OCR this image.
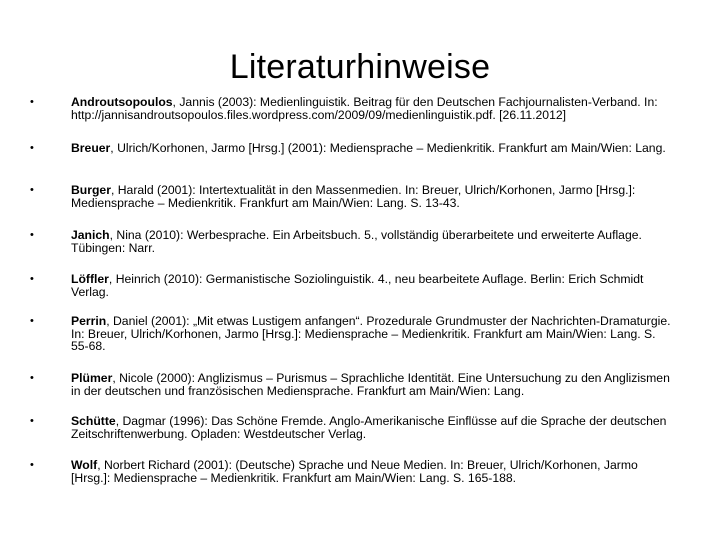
Literaturhinweise
•	Androutsopoulos, Jannis (2003): Medienlinguistik. Beitrag für den Deutschen Fachjournalisten-Verband. In: http://jannisandroutsopoulos.files.wordpress.com/2009/09/medienlinguistik.pdf. [26.11.2012]
•	Breuer, Ulrich/Korhonen, Jarmo [Hrsg.] (2001): Mediensprache – Medienkritik. Frankfurt am Main/Wien: Lang.
•	Burger, Harald (2001): Intertextualität in den Massenmedien. In: Breuer, Ulrich/Korhonen, Jarmo [Hrsg.]: Mediensprache – Medienkritik. Frankfurt am Main/Wien: Lang. S. 13-43.
•	Janich, Nina (2010): Werbesprache. Ein Arbeitsbuch. 5., vollständig überarbeitete und erweiterte Auflage. Tübingen: Narr.
•	Löffler, Heinrich (2010): Germanistische Soziolinguistik. 4., neu bearbeitete Auflage. Berlin: Erich Schmidt Verlag.
•	Perrin, Daniel (2001): „Mit etwas Lustigem anfangen“. Prozedurale Grundmuster der Nachrichten-Dramaturgie. In: Breuer, Ulrich/Korhonen, Jarmo [Hrsg.]: Mediensprache – Medienkritik. Frankfurt am Main/Wien: Lang. S. 55-68.
•	Plümer, Nicole (2000): Anglizismus – Purismus – Sprachliche Identität. Eine Untersuchung zu den Anglizismen in der deutschen und französischen Mediensprache. Frankfurt am Main/Wien: Lang.
•	Schütte, Dagmar (1996): Das Schöne Fremde. Anglo-Amerikanische Einflüsse auf die Sprache der deutschen Zeitschriftenwerbung. Opladen: Westdeutscher Verlag.
•	Wolf, Norbert Richard (2001): (Deutsche) Sprache und Neue Medien. In: Breuer, Ulrich/Korhonen, Jarmo [Hrsg.]: Mediensprache – Medienkritik. Frankfurt am Main/Wien: Lang. S. 165-188.
